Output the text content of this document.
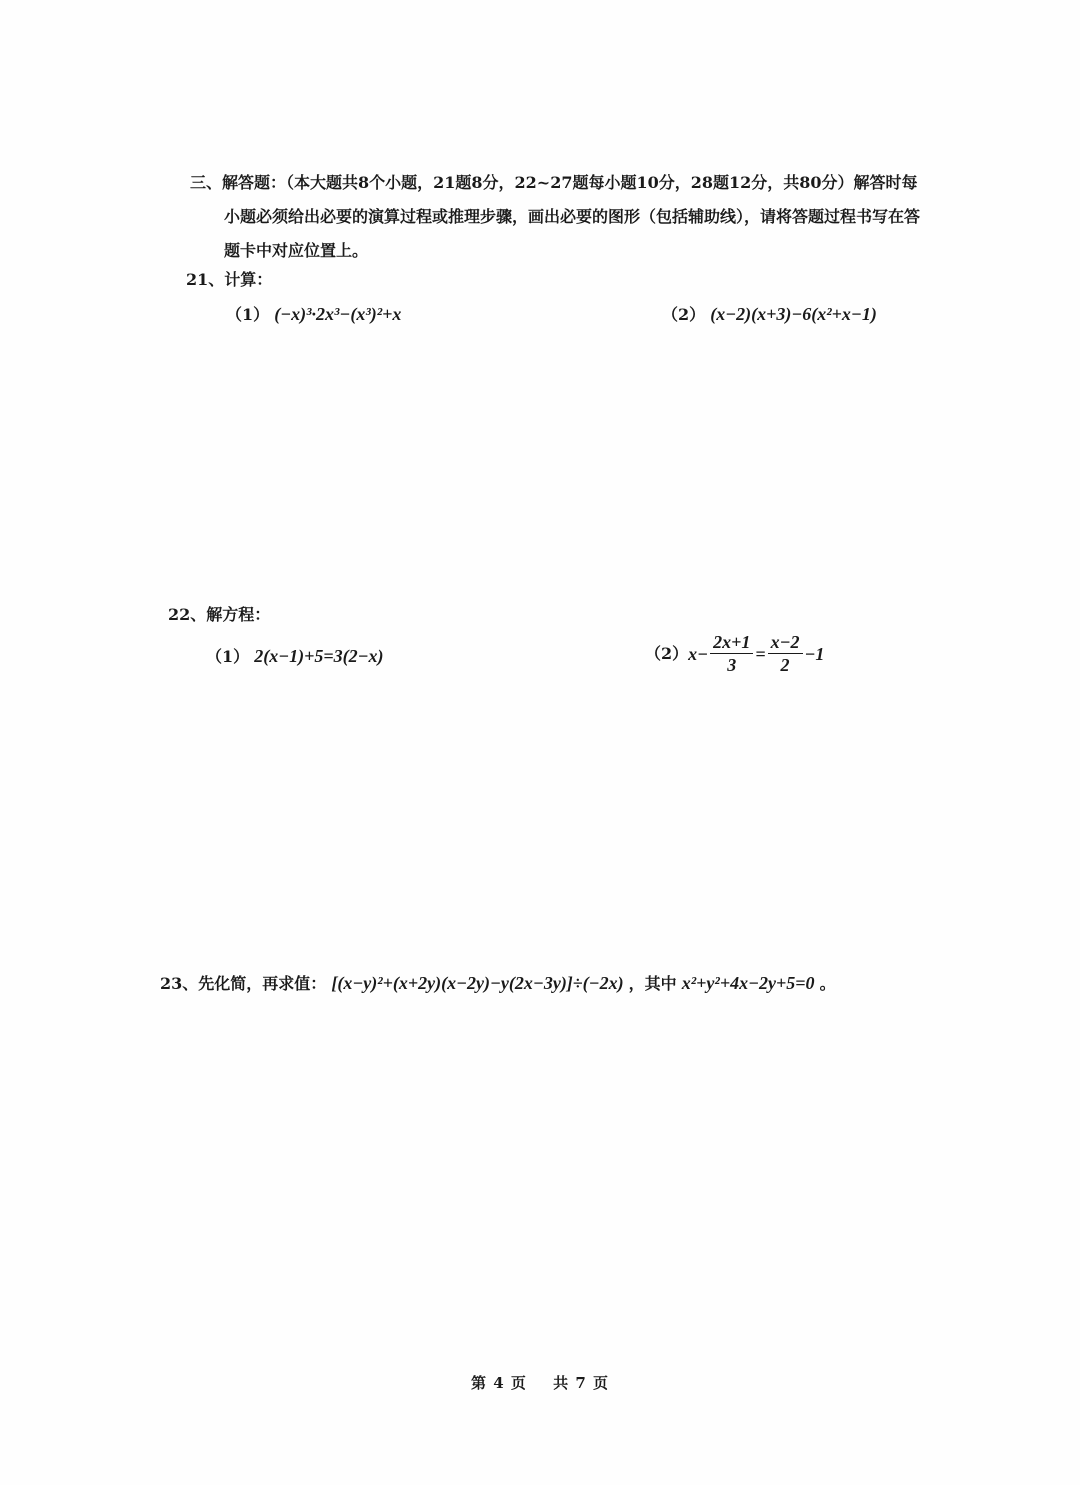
三、解答题：（本大题共8个小题，21题8分，22~27题每小题10分，28题12分，共80分）解答时每
小题必须给出必要的演算过程或推理步骤，画出必要的图形（包括辅助线），请将答题过程书写在答
题卡中对应位置上。
21、计算：
（1） (−x)³·2x³−(x³)²+x	（2） (x−2)(x+3)−6(x²+x−1)
22、解方程：
（1） 2(x−1)+5=3(2−x)	（2） $x- \frac{2x+1}{3} = \frac{x-2}{2} -1$
23、先化简，再求值： [(x−y)²+(x+2y)(x−2y)−y(2x−3y)]÷(−2x) ，其中 x²+y²+4x−2y+5=0 。
第 4 页 共 7 页
